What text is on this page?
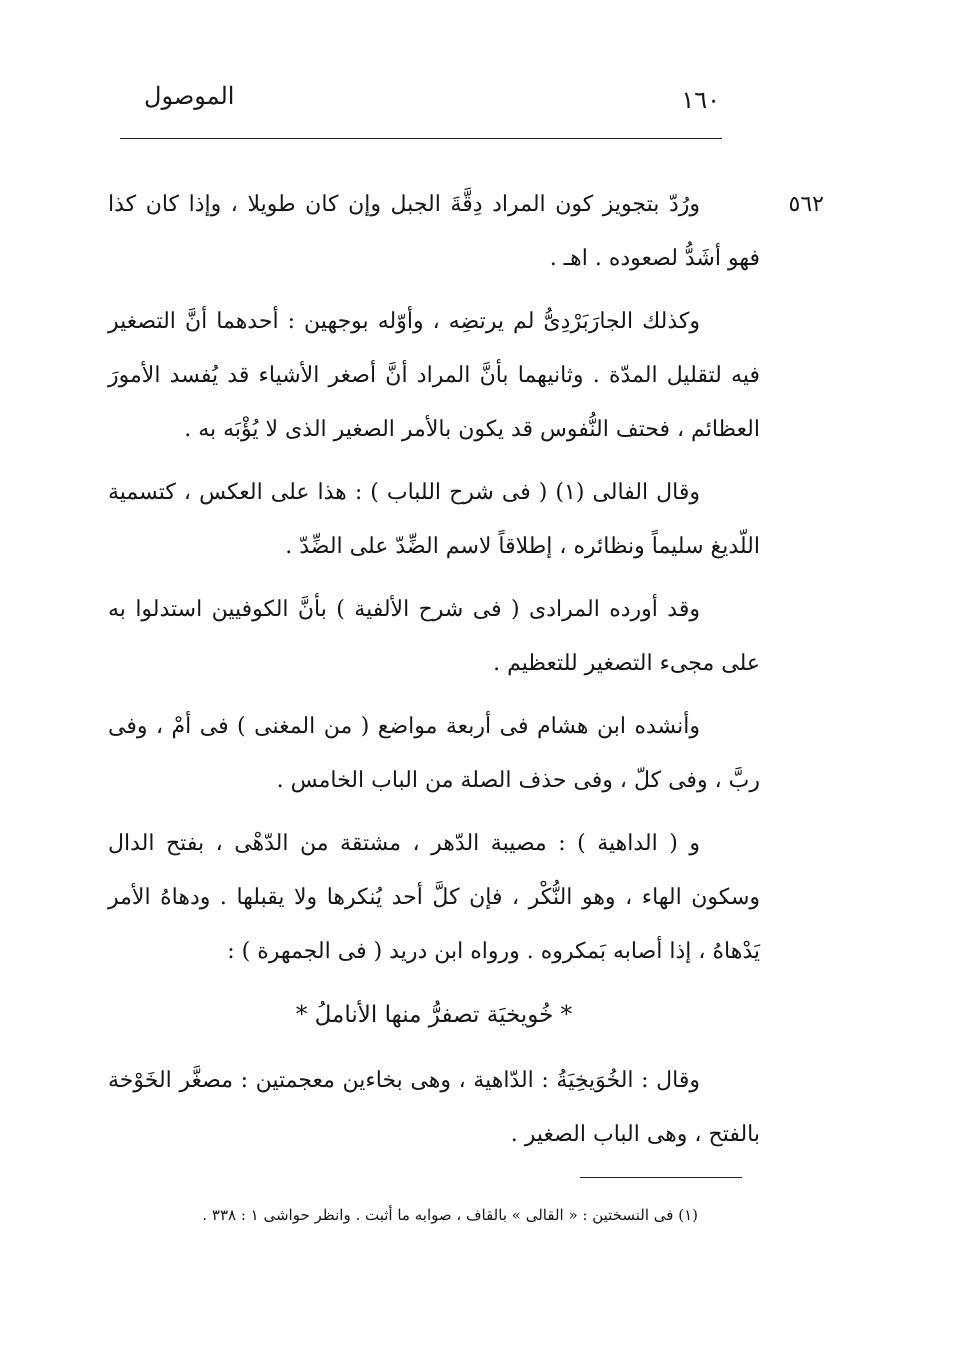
١٦٠
الموصول
٥٦٢

ورُدّ بتجويز كون المراد دِقَّةَ الجبل وإن كان طويلا ، وإذا كان كذا فهو أشَدُّ لصعوده . اهـ .

وكذلك الجارَبَرْدِىُّ لم يرتضِه ، وأوّله بوجهين : أحدهما أنَّ التصغير فيه لتقليل المدّة . وثانيهما بأنَّ المراد أنَّ أصغر الأشياء قد يُفسد الأمورَ العظائم ، فحتف النُّفوس قد يكون بالأمر الصغير الذى لا يُؤْبَه به .

وقال الفالى (١) ( فى شرح اللباب ) : هذا على العكس ، كتسمية اللّديغ سليماً ونظائره ، إطلاقاً لاسم الضِّدّ على الضِّدّ .

وقد أورده المرادى ( فى شرح الألفية ) بأنَّ الكوفيين استدلوا به على مجىء التصغير للتعظيم .

وأنشده ابن هشام فى أربعة مواضع ( من المغنى ) فى أمْ ، وفى ربَّ ، وفى كلّ ، وفى حذف الصلة من الباب الخامس .

و ( الداهية ) : مصيبة الدّهر ، مشتقة من الدّهْى ، بفتح الدال وسكون الهاء ، وهو النُّكْر ، فإن كلَّ أحد يُنكرها ولا يقبلها . ودهاهُ الأمر يَدْهاهُ ، إذا أصابه بَمكروه . ورواه ابن دريد ( فى الجمهرة ) :

* خُويخيَة تصفرُّ منها الأناملُ *

وقال : الخُوَيخِيَةُ : الدّاهية ، وهى بخاءين معجمتين : مصغَّر الخَوْخة بالفتح ، وهى الباب الصغير .

(١) فى النسختين : « القالى » بالقاف ، صوابه ما أثبت . وانظر حواشى ١ : ٣٣٨ .
